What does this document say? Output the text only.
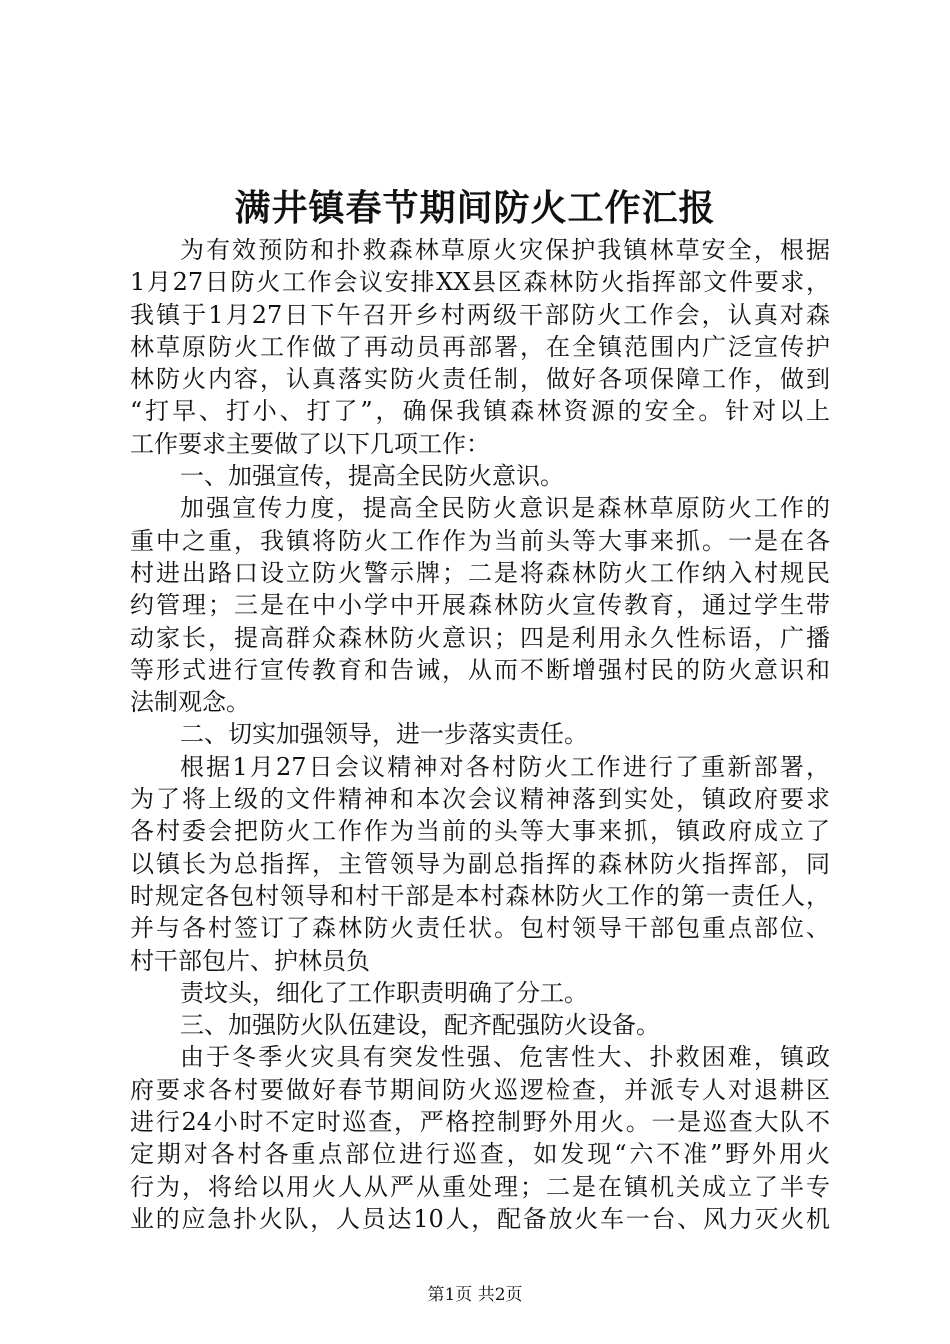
满井镇春节期间防火工作汇报
为有效预防和扑救森林草原火灾保护我镇林草安全，根据
1月27日防火工作会议安排XX县区森林防火指挥部文件要求，
我镇于1月27日下午召开乡村两级干部防火工作会，认真对森
林草原防火工作做了再动员再部署，在全镇范围内广泛宣传护
林防火内容，认真落实防火责任制，做好各项保障工作，做到
“打早、打小、打了”，确保我镇森林资源的安全。针对以上
工作要求主要做了以下几项工作：
一、加强宣传，提高全民防火意识。
加强宣传力度，提高全民防火意识是森林草原防火工作的
重中之重，我镇将防火工作作为当前头等大事来抓。一是在各
村进出路口设立防火警示牌；二是将森林防火工作纳入村规民
约管理；三是在中小学中开展森林防火宣传教育，通过学生带
动家长，提高群众森林防火意识；四是利用永久性标语，广播
等形式进行宣传教育和告诫，从而不断增强村民的防火意识和
法制观念。
二、切实加强领导，进一步落实责任。
根据1月27日会议精神对各村防火工作进行了重新部署，
为了将上级的文件精神和本次会议精神落到实处，镇政府要求
各村委会把防火工作作为当前的头等大事来抓，镇政府成立了
以镇长为总指挥，主管领导为副总指挥的森林防火指挥部，同
时规定各包村领导和村干部是本村森林防火工作的第一责任人，
并与各村签订了森林防火责任状。包村领导干部包重点部位、
村干部包片、护林员负
责坟头，细化了工作职责明确了分工。
三、加强防火队伍建设，配齐配强防火设备。
由于冬季火灾具有突发性强、危害性大、扑救困难，镇政
府要求各村要做好春节期间防火巡逻检查，并派专人对退耕区
进行24小时不定时巡查，严格控制野外用火。一是巡查大队不
定期对各村各重点部位进行巡查，如发现“六不准”野外用火
行为，将给以用火人从严从重处理；二是在镇机关成立了半专
业的应急扑火队，人员达10人，配备放火车一台、风力灭火机
第1页 共2页
